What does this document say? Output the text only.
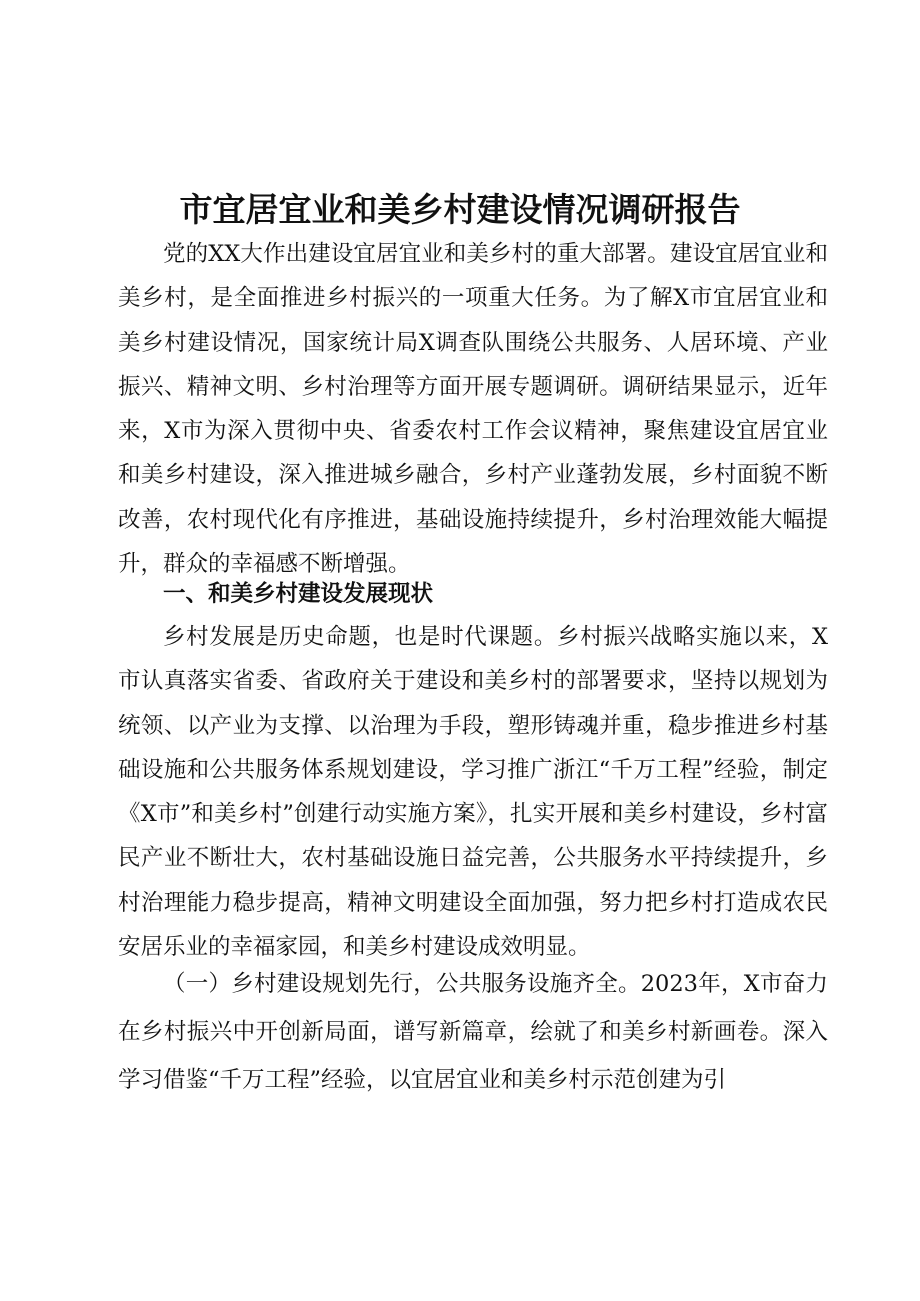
市宜居宜业和美乡村建设情况调研报告

党的XX大作出建设宜居宜业和美乡村的重大部署。建设宜居宜业和美乡村，是全面推进乡村振兴的一项重大任务。为了解X市宜居宜业和美乡村建设情况，国家统计局X调查队围绕公共服务、人居环境、产业振兴、精神文明、乡村治理等方面开展专题调研。调研结果显示，近年来，X市为深入贯彻中央、省委农村工作会议精神，聚焦建设宜居宜业和美乡村建设，深入推进城乡融合，乡村产业蓬勃发展，乡村面貌不断改善，农村现代化有序推进，基础设施持续提升，乡村治理效能大幅提升，群众的幸福感不断增强。

一、和美乡村建设发展现状

乡村发展是历史命题，也是时代课题。乡村振兴战略实施以来，X市认真落实省委、省政府关于建设和美乡村的部署要求，坚持以规划为统领、以产业为支撑、以治理为手段，塑形铸魂并重，稳步推进乡村基础设施和公共服务体系规划建设，学习推广浙江“千万工程”经验，制定《X市”和美乡村”创建行动实施方案》，扎实开展和美乡村建设，乡村富民产业不断壮大，农村基础设施日益完善，公共服务水平持续提升，乡村治理能力稳步提高，精神文明建设全面加强，努力把乡村打造成农民安居乐业的幸福家园，和美乡村建设成效明显。

（一）乡村建设规划先行，公共服务设施齐全。2023年，X市奋力在乡村振兴中开创新局面，谱写新篇章，绘就了和美乡村新画卷。深入学习借鉴“千万工程”经验，以宜居宜业和美乡村示范创建为引
